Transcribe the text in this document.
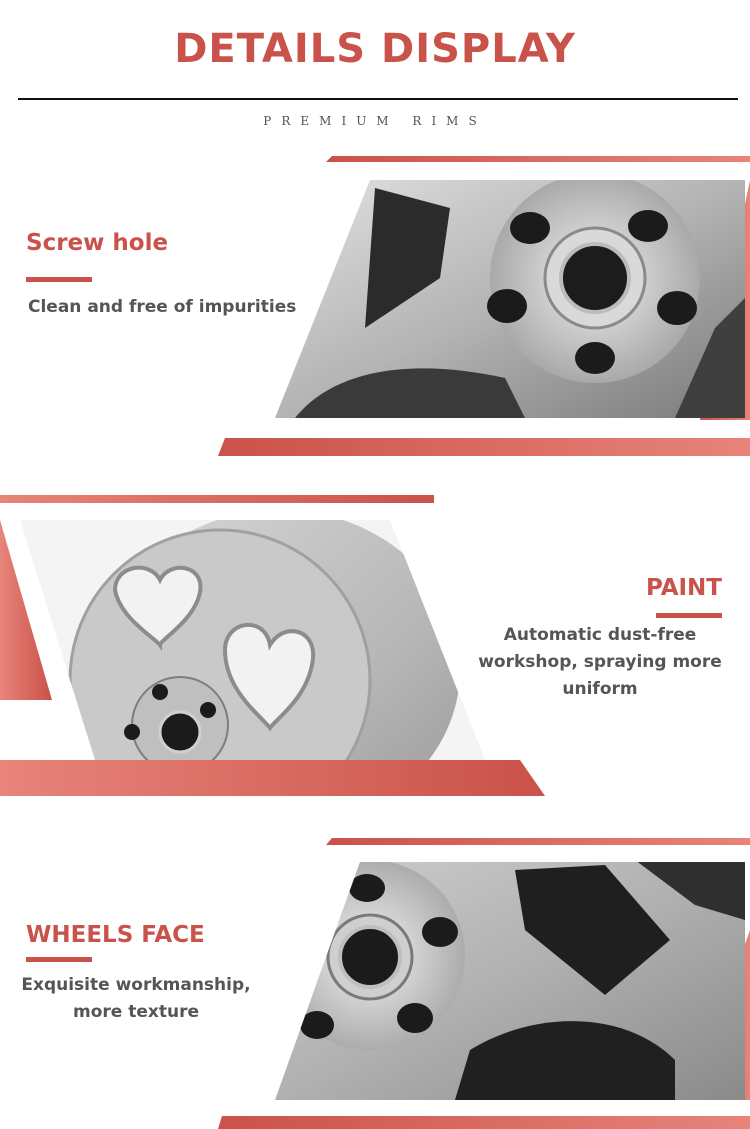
DETAILS DISPLAY
PREMIUM RIMS
Screw hole
Clean and free of impurities
PAINT
Automatic dust-free workshop, spraying more uniform
WHEELS FACE
Exquisite workmanship, more texture
